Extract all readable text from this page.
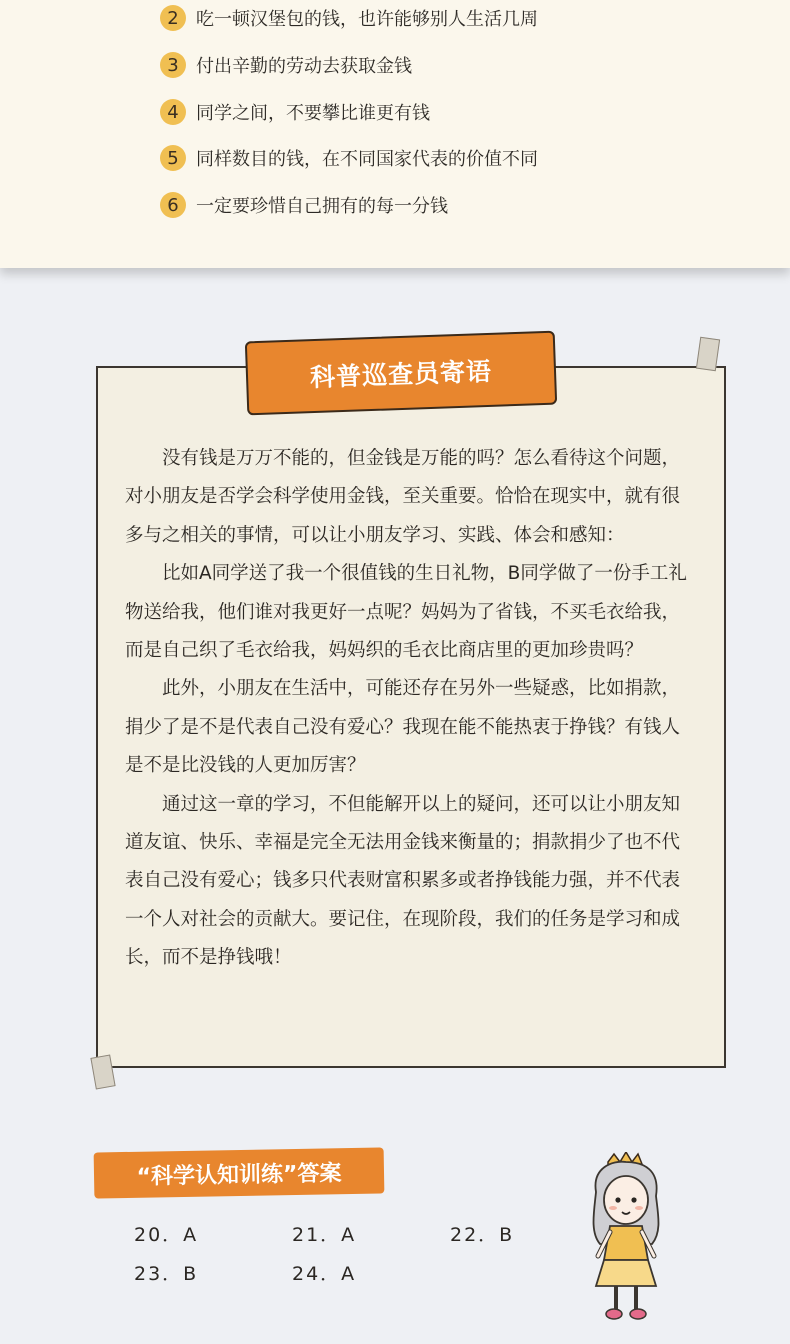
2 吃一顿汉堡包的钱，也许能够别人生活几周
3 付出辛勤的劳动去获取金钱
4 同学之间，不要攀比谁更有钱
5 同样数目的钱，在不同国家代表的价值不同
6 一定要珍惜自己拥有的每一分钱
科普巡查员寄语

没有钱是万万不能的，但金钱是万能的吗？怎么看待这个问题，对小朋友是否学会科学使用金钱，至关重要。恰恰在现实中，就有很多与之相关的事情，可以让小朋友学习、实践、体会和感知：

比如A同学送了我一个很值钱的生日礼物，B同学做了一份手工礼物送给我，他们谁对我更好一点呢？妈妈为了省钱，不买毛衣给我，而是自己织了毛衣给我，妈妈织的毛衣比商店里的更加珍贵吗？

此外，小朋友在生活中，可能还存在另外一些疑惑，比如捐款，捐少了是不是代表自己没有爱心？我现在能不能热衷于挣钱？有钱人是不是比没钱的人更加厉害？

通过这一章的学习，不但能解开以上的疑问，还可以让小朋友知道友谊、快乐、幸福是完全无法用金钱来衡量的；捐款捐少了也不代表自己没有爱心；钱多只代表财富积累多或者挣钱能力强，并不代表一个人对社会的贡献大。要记住，在现阶段，我们的任务是学习和成长，而不是挣钱哦！

“科学认知训练”答案
20．A	21．A	22．B
23．B	24．A
